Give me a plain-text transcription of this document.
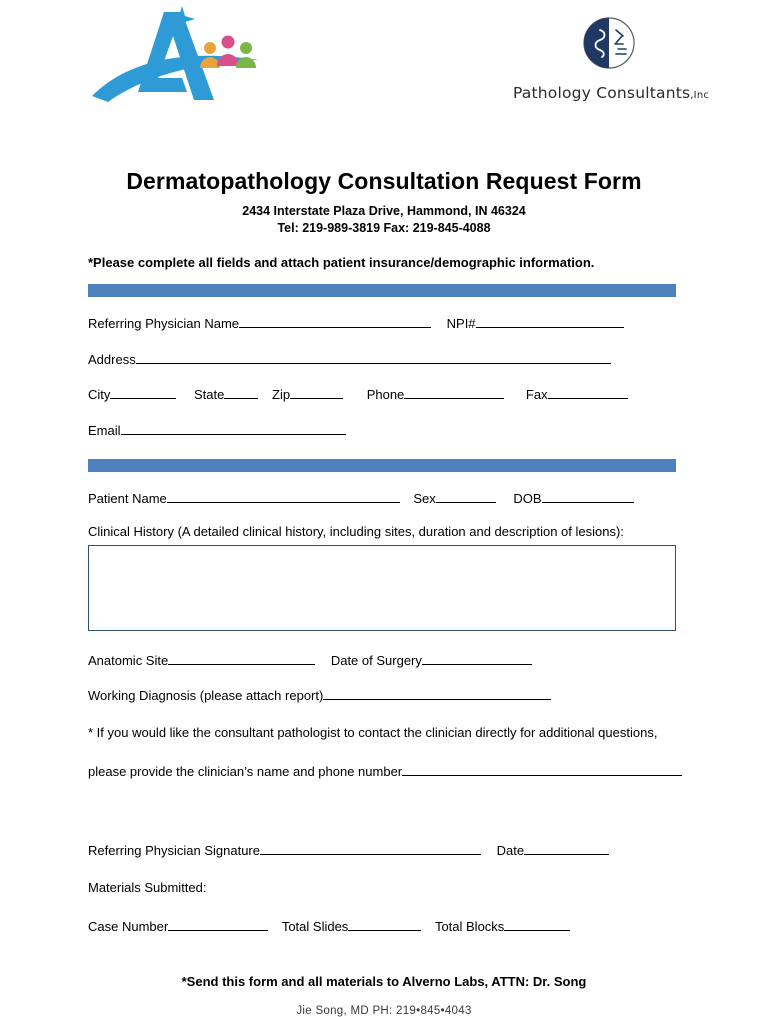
Pathology Consultants,Inc
Dermatopathology Consultation Request Form
2434 Interstate Plaza Drive, Hammond, IN 46324
Tel: 219-989-3819 Fax: 219-845-4088
*Please complete all fields and attach patient insurance/demographic information.
Referring Physician Name	NPI#
Address
City	State	Zip	Phone	Fax
Email
Patient Name	Sex	DOB
Clinical History (A detailed clinical history, including sites, duration and description of lesions):
Anatomic Site	Date of Surgery
Working Diagnosis (please attach report)
* If you would like the consultant pathologist to contact the clinician directly for additional questions,
please provide the clinician’s name and phone number
Referring Physician Signature	Date
Materials Submitted:
Case Number	Total Slides	Total Blocks
*Send this form and all materials to Alverno Labs, ATTN: Dr. Song
Jie Song, MD PH: 219•845•4043
